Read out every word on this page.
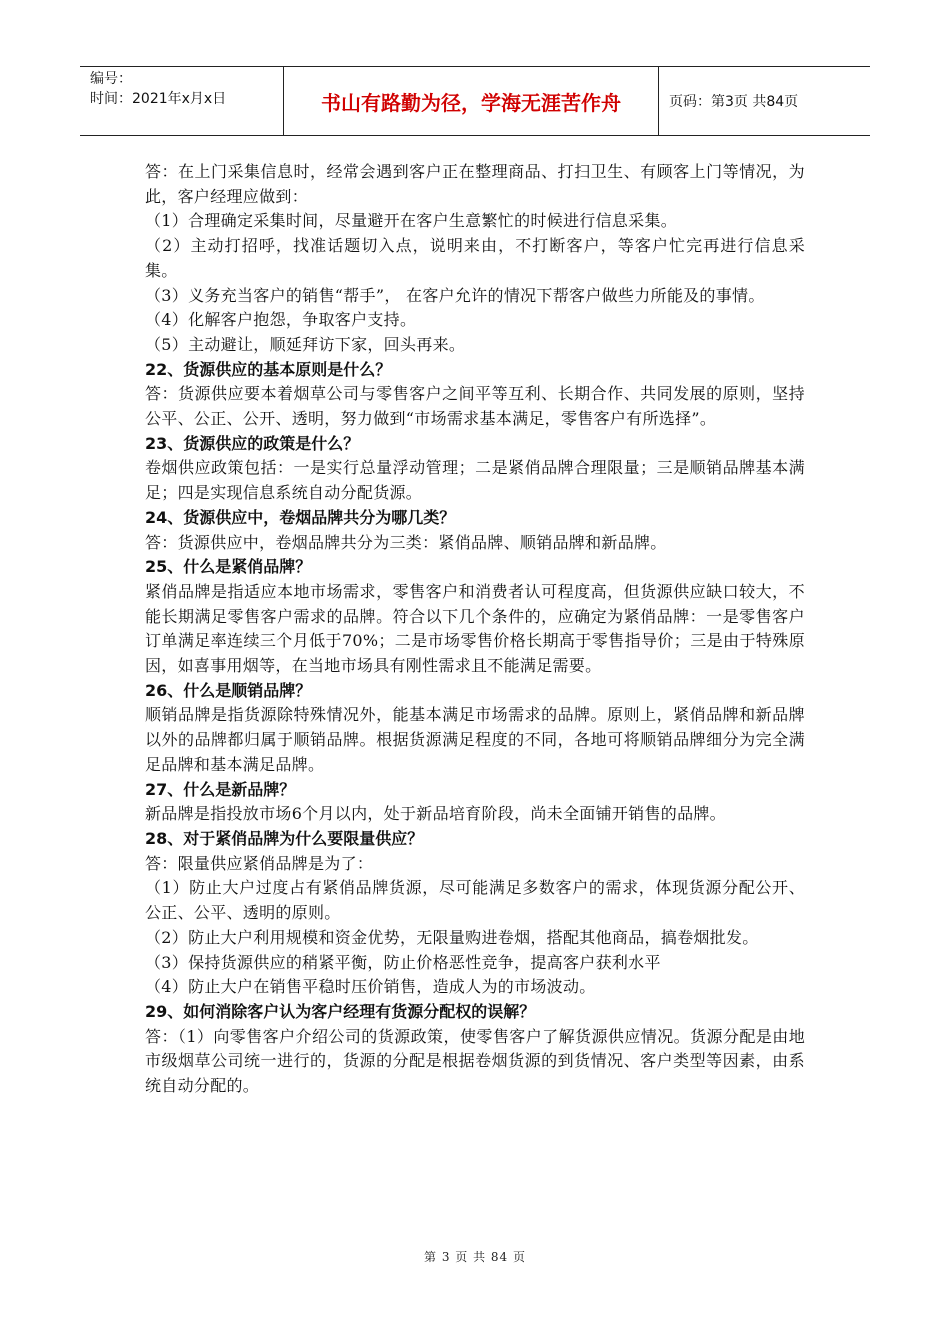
编号：
时间：2021年x月x日	书山有路勤为径，学海无涯苦作舟	页码：第3页 共84页

答：在上门采集信息时，经常会遇到客户正在整理商品、打扫卫生、有顾客上门等情况，为此，客户经理应做到：

（1）合理确定采集时间，尽量避开在客户生意繁忙的时候进行信息采集。

（2）主动打招呼，找准话题切入点，说明来由，不打断客户，等客户忙完再进行信息采集。

（3）义务充当客户的销售“帮手”， 在客户允许的情况下帮客户做些力所能及的事情。

（4）化解客户抱怨，争取客户支持。

（5）主动避让，顺延拜访下家，回头再来。

22、货源供应的基本原则是什么？

答：货源供应要本着烟草公司与零售客户之间平等互利、长期合作、共同发展的原则，坚持公平、公正、公开、透明，努力做到“市场需求基本满足，零售客户有所选择”。

23、货源供应的政策是什么？

卷烟供应政策包括：一是实行总量浮动管理；二是紧俏品牌合理限量；三是顺销品牌基本满足；四是实现信息系统自动分配货源。

24、货源供应中，卷烟品牌共分为哪几类？

答：货源供应中，卷烟品牌共分为三类：紧俏品牌、顺销品牌和新品牌。

25、什么是紧俏品牌？

紧俏品牌是指适应本地市场需求，零售客户和消费者认可程度高，但货源供应缺口较大，不能长期满足零售客户需求的品牌。符合以下几个条件的，应确定为紧俏品牌：一是零售客户订单满足率连续三个月低于70%；二是市场零售价格长期高于零售指导价；三是由于特殊原因，如喜事用烟等，在当地市场具有刚性需求且不能满足需要。

26、什么是顺销品牌？

顺销品牌是指货源除特殊情况外，能基本满足市场需求的品牌。原则上，紧俏品牌和新品牌以外的品牌都归属于顺销品牌。根据货源满足程度的不同，各地可将顺销品牌细分为完全满足品牌和基本满足品牌。

27、什么是新品牌？

新品牌是指投放市场6个月以内，处于新品培育阶段，尚未全面铺开销售的品牌。

28、对于紧俏品牌为什么要限量供应？

答：限量供应紧俏品牌是为了：

（1）防止大户过度占有紧俏品牌货源，尽可能满足多数客户的需求，体现货源分配公开、公正、公平、透明的原则。

（2）防止大户利用规模和资金优势，无限量购进卷烟，搭配其他商品，搞卷烟批发。

（3）保持货源供应的稍紧平衡，防止价格恶性竞争，提高客户获利水平

（4）防止大户在销售平稳时压价销售，造成人为的市场波动。

29、如何消除客户认为客户经理有货源分配权的误解？

答：（1）向零售客户介绍公司的货源政策，使零售客户了解货源供应情况。货源分配是由地市级烟草公司统一进行的，货源的分配是根据卷烟货源的到货情况、客户类型等因素，由系统自动分配的。

第 3 页 共 84 页
